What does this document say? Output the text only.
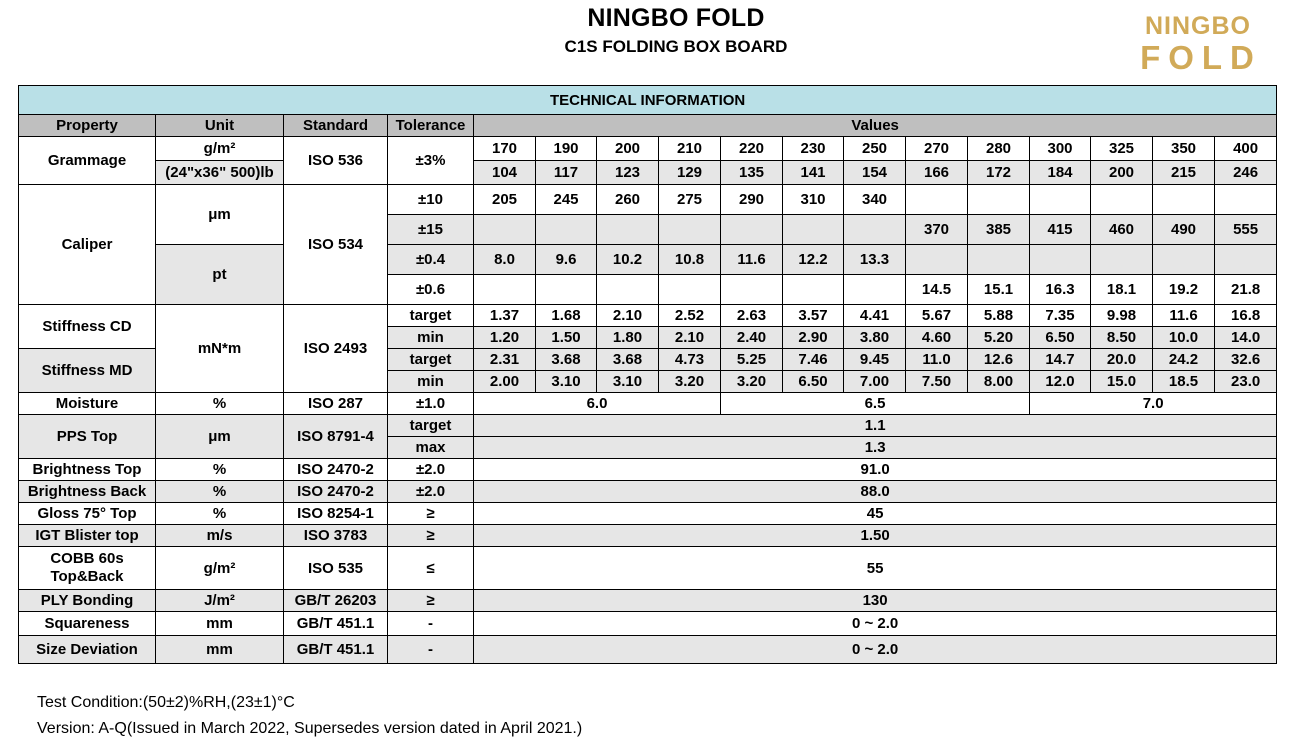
NINGBO FOLD
C1S FOLDING BOX BOARD
NINGBO
FOLD
TECHNICAL INFORMATION																
Property	Unit	Standard	Tolerance	Values												
Grammage	g/m²	ISO 536	±3%	170	190	200	210	220	230	250	270	280	300	325	350	400
	(24"x36" 500)lb			104	117	123	129	135	141	154	166	172	184	200	215	246
Caliper	μm	ISO 534	±10	205	245	260	275	290	310	340						
			±15								370	385	415	460	490	555
	pt		±0.4	8.0	9.6	10.2	10.8	11.6	12.2	13.3						
			±0.6								14.5	15.1	16.3	18.1	19.2	21.8
Stiffness CD	mN*m	ISO 2493	target	1.37	1.68	2.10	2.52	2.63	3.57	4.41	5.67	5.88	7.35	9.98	11.6	16.8
			min	1.20	1.50	1.80	2.10	2.40	2.90	3.80	4.60	5.20	6.50	8.50	10.0	14.0
Stiffness MD			target	2.31	3.68	3.68	4.73	5.25	7.46	9.45	11.0	12.6	14.7	20.0	24.2	32.6
			min	2.00	3.10	3.10	3.20	3.20	6.50	7.00	7.50	8.00	12.0	15.0	18.5	23.0
Moisture	%	ISO 287	±1.0	6.0				6.5					7.0			
PPS Top	μm	ISO 8791-4	target	1.1												
			max	1.3												
Brightness Top	%	ISO 2470-2	±2.0	91.0												
Brightness Back	%	ISO 2470-2	±2.0	88.0												
Gloss 75° Top	%	ISO 8254-1	≥	45												
IGT Blister top	m/s	ISO 3783	≥	1.50												

COBB 60s
Top&Back	g/m²	ISO 535	≤	55												
PLY Bonding	J/m²	GB/T 26203	≥	130												
Squareness	mm	GB/T 451.1	-	0 ~ 2.0												
Size Deviation	mm	GB/T 451.1	-	0 ~ 2.0												
Test Condition:(50±2)%RH,(23±1)°C
Version: A-Q(Issued in March 2022, Supersedes version dated in April 2021.)
